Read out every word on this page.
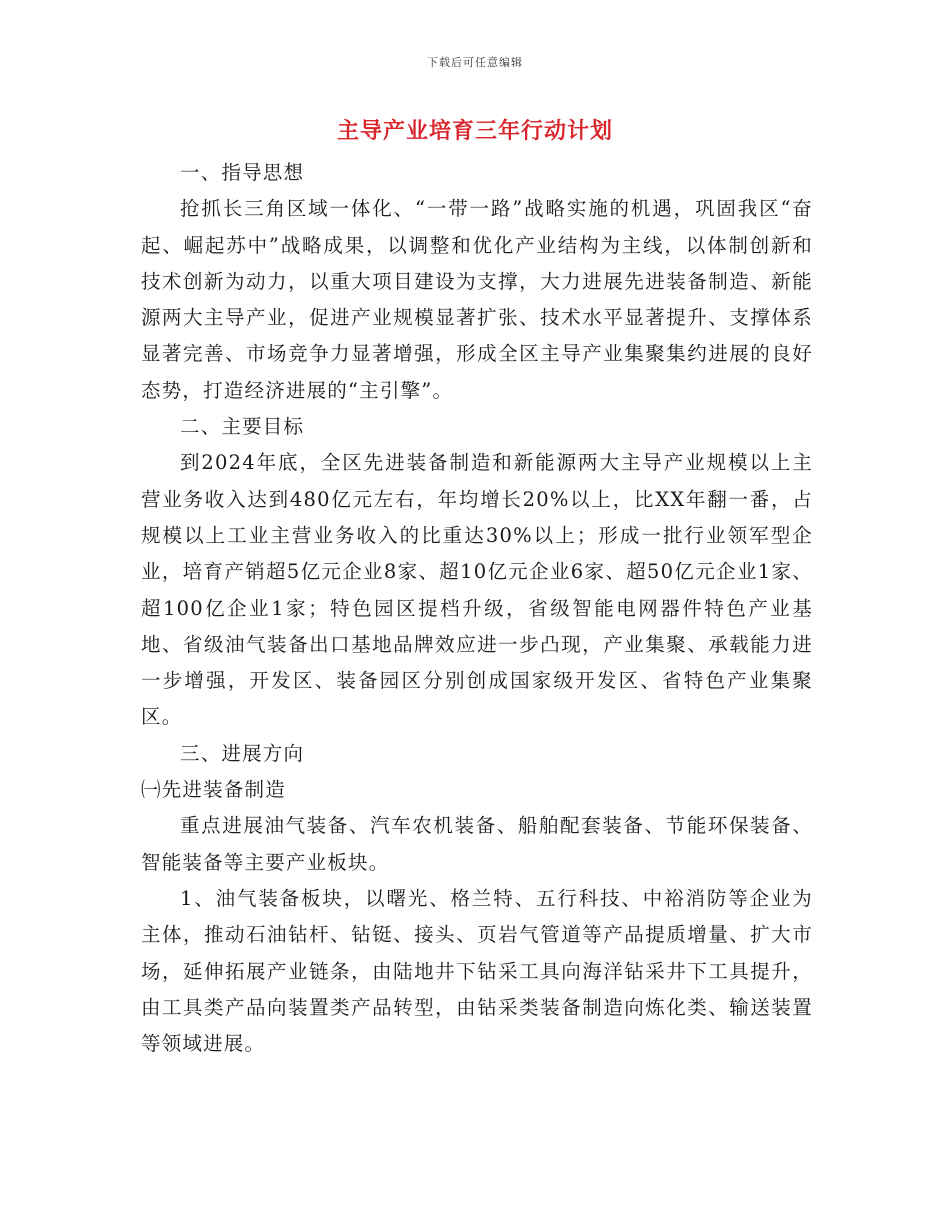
下载后可任意编辑
主导产业培育三年行动计划

一、指导思想

抢抓长三角区域一体化、“一带一路”战略实施的机遇，巩固我区“奋起、崛起苏中”战略成果，以调整和优化产业结构为主线，以体制创新和技术创新为动力，以重大项目建设为支撑，大力进展先进装备制造、新能源两大主导产业，促进产业规模显著扩张、技术水平显著提升、支撑体系显著完善、市场竞争力显著增强，形成全区主导产业集聚集约进展的良好态势，打造经济进展的“主引擎”。

二、主要目标

到2024年底，全区先进装备制造和新能源两大主导产业规模以上主营业务收入达到480亿元左右，年均增长20%以上，比XX年翻一番，占规模以上工业主营业务收入的比重达30%以上；形成一批行业领军型企业，培育产销超5亿元企业8家、超10亿元企业6家、超50亿元企业1家、超100亿企业1家；特色园区提档升级，省级智能电网器件特色产业基地、省级油气装备出口基地品牌效应进一步凸现，产业集聚、承载能力进一步增强，开发区、装备园区分别创成国家级开发区、省特色产业集聚区。

三、进展方向

㈠先进装备制造

重点进展油气装备、汽车农机装备、船舶配套装备、节能环保装备、智能装备等主要产业板块。

1、油气装备板块，以曙光、格兰特、五行科技、中裕消防等企业为主体，推动石油钻杆、钻铤、接头、页岩气管道等产品提质增量、扩大市场，延伸拓展产业链条，由陆地井下钻采工具向海洋钻采井下工具提升，由工具类产品向装置类产品转型，由钻采类装备制造向炼化类、输送装置等领域进展。
